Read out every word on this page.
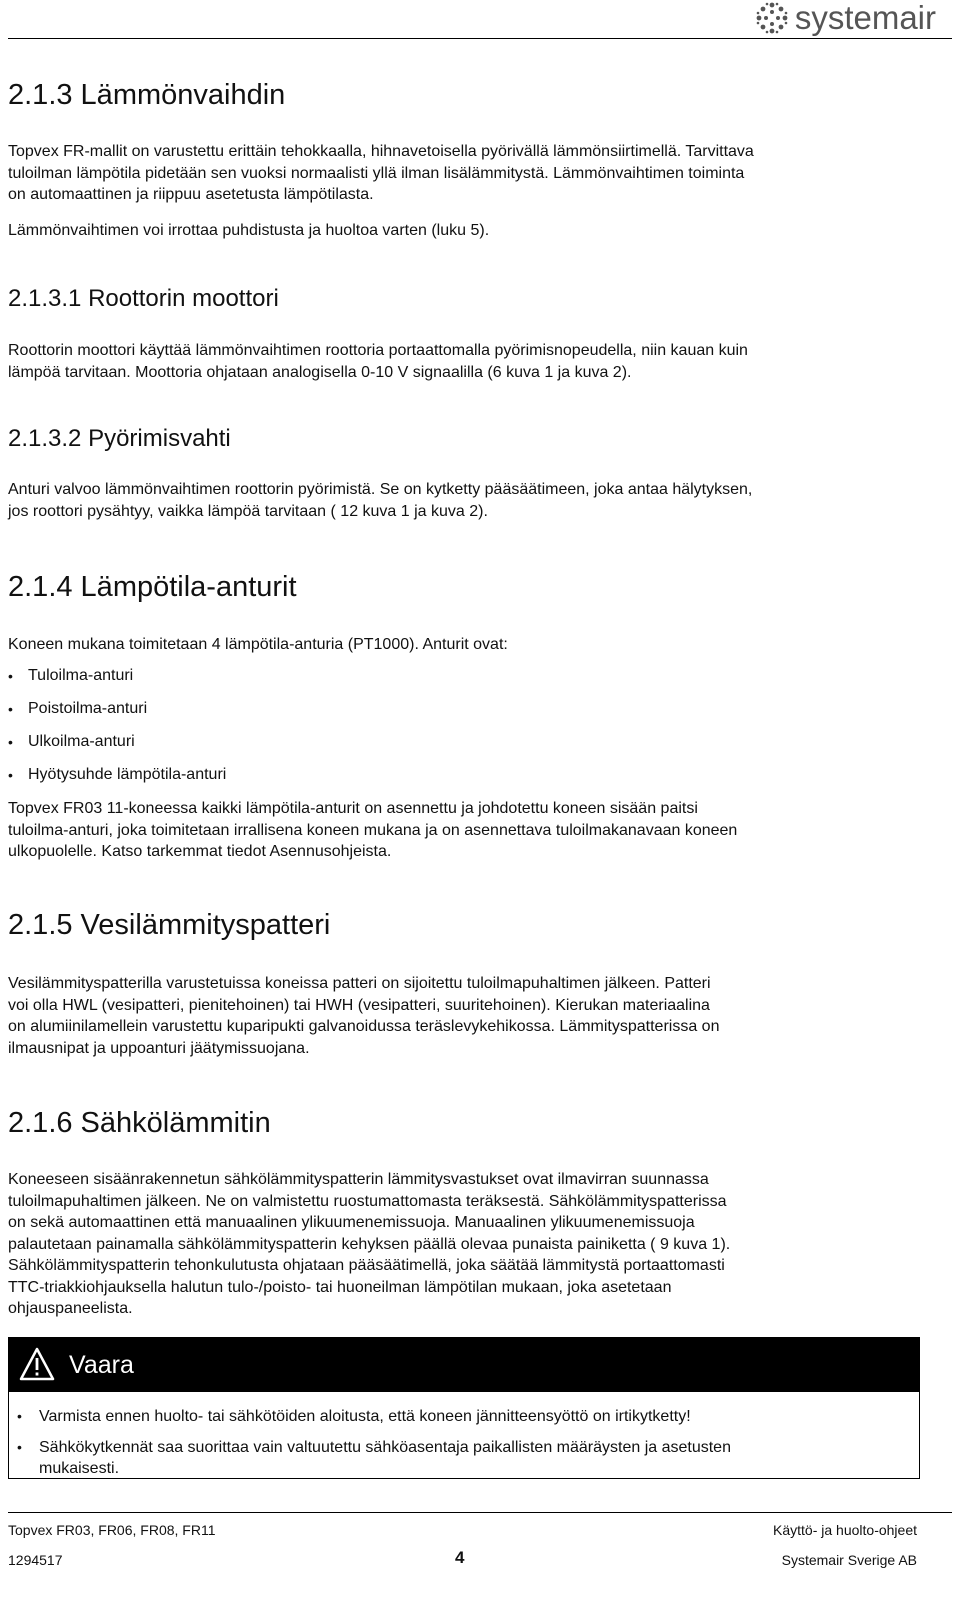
systemair
2.1.3 Lämmönvaihdin
Topvex FR-mallit on varustettu erittäin tehokkaalla, hihnavetoisella pyörivällä lämmönsiirtimellä. Tarvittava
tuloilman lämpötila pidetään sen vuoksi normaalisti yllä ilman lisälämmitystä. Lämmönvaihtimen toiminta
on automaattinen ja riippuu asetetusta lämpötilasta.
Lämmönvaihtimen voi irrottaa puhdistusta ja huoltoa varten (luku 5).
2.1.3.1 Roottorin moottori
Roottorin moottori käyttää lämmönvaihtimen roottoria portaattomalla pyörimisnopeudella, niin kauan kuin
lämpöä tarvitaan. Moottoria ohjataan analogisella 0-10 V signaalilla (6 kuva 1 ja kuva 2).
2.1.3.2 Pyörimisvahti
Anturi valvoo lämmönvaihtimen roottorin pyörimistä. Se on kytketty pääsäätimeen, joka antaa hälytyksen,
jos roottori pysähtyy, vaikka lämpöä tarvitaan ( 12 kuva 1 ja kuva 2).
2.1.4 Lämpötila-anturit
Koneen mukana toimitetaan 4 lämpötila-anturia (PT1000). Anturit ovat:
• Tuloilma-anturi
• Poistoilma-anturi
• Ulkoilma-anturi
• Hyötysuhde lämpötila-anturi
Topvex FR03 11-koneessa kaikki lämpötila-anturit on asennettu ja johdotettu koneen sisään paitsi
tuloilma-anturi, joka toimitetaan irrallisena koneen mukana ja on asennettava tuloilmakanavaan koneen
ulkopuolelle. Katso tarkemmat tiedot Asennusohjeista.
2.1.5 Vesilämmityspatteri
Vesilämmityspatterilla varustetuissa koneissa patteri on sijoitettu tuloilmapuhaltimen jälkeen. Patteri
voi olla HWL (vesipatteri, pienitehoinen) tai HWH (vesipatteri, suuritehoinen). Kierukan materiaalina
on alumiinilamellein varustettu kuparipukti galvanoidussa teräslevykehikossa. Lämmityspatterissa on
ilmausnipat ja uppoanturi jäätymissuojana.
2.1.6 Sähkölämmitin
Koneeseen sisäänrakennetun sähkölämmityspatterin lämmitysvastukset ovat ilmavirran suunnassa
tuloilmapuhaltimen jälkeen. Ne on valmistettu ruostumattomasta teräksestä. Sähkölämmityspatterissa
on sekä automaattinen että manuaalinen ylikuumenemissuoja. Manuaalinen ylikuumenemissuoja
palautetaan painamalla sähkölämmityspatterin kehyksen päällä olevaa punaista painiketta ( 9 kuva 1).
Sähkölämmityspatterin tehonkulutusta ohjataan pääsäätimellä, joka säätää lämmitystä portaattomasti
TTC-triakkiohjauksella halutun tulo-/poisto- tai huoneilman lämpötilan mukaan, joka asetetaan
ohjauspaneelista.
Vaara
• Varmista ennen huolto- tai sähkötöiden aloitusta, että koneen jännitteensyöttö on irtikytketty!
• Sähkökytkennät saa suorittaa vain valtuutettu sähköasentaja paikallisten määräysten ja asetusten
mukaisesti.
Topvex FR03, FR06, FR08, FR11	Käyttö- ja huolto-ohjeet
1294517	4	Systemair Sverige AB
